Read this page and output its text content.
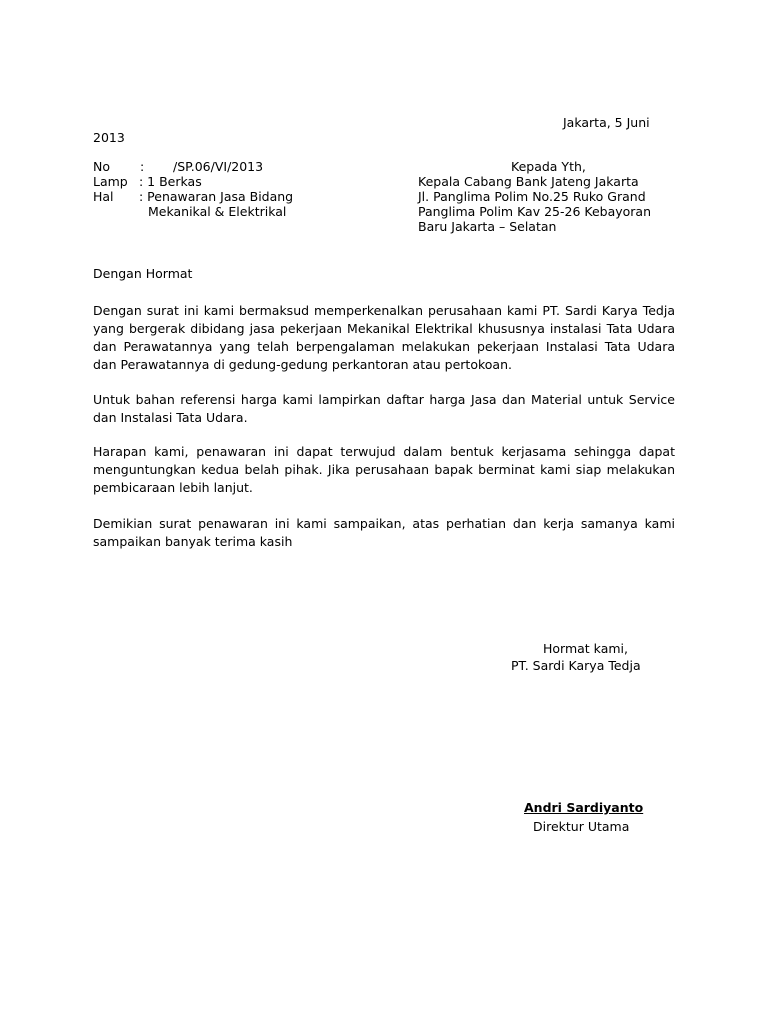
Jakarta, 5 Juni
2013
No : /SP.06/VI/2013
Lamp : 1 Berkas
Hal : Penawaran Jasa Bidang
Mekanikal & Elektrikal
Kepada Yth,
Kepala Cabang Bank Jateng Jakarta
Jl. Panglima Polim No.25 Ruko Grand
Panglima Polim Kav 25-26 Kebayoran
Baru Jakarta – Selatan
Dengan Hormat
Dengan surat ini kami bermaksud memperkenalkan perusahaan kami PT. Sardi Karya Tedja yang bergerak dibidang jasa pekerjaan Mekanikal Elektrikal khususnya instalasi Tata Udara dan Perawatannya yang telah berpengalaman melakukan pekerjaan Instalasi Tata Udara dan Perawatannya di gedung-gedung perkantoran atau pertokoan.
Untuk bahan referensi harga kami lampirkan daftar harga Jasa dan Material untuk Service dan Instalasi Tata Udara.
Harapan kami, penawaran ini dapat terwujud dalam bentuk kerjasama sehingga dapat menguntungkan kedua belah pihak. Jika perusahaan bapak berminat kami siap melakukan pembicaraan lebih lanjut.
Demikian surat penawaran ini kami sampaikan, atas perhatian dan kerja samanya kami sampaikan banyak terima kasih
Hormat kami,
PT. Sardi Karya Tedja
Andri Sardiyanto
Direktur Utama
